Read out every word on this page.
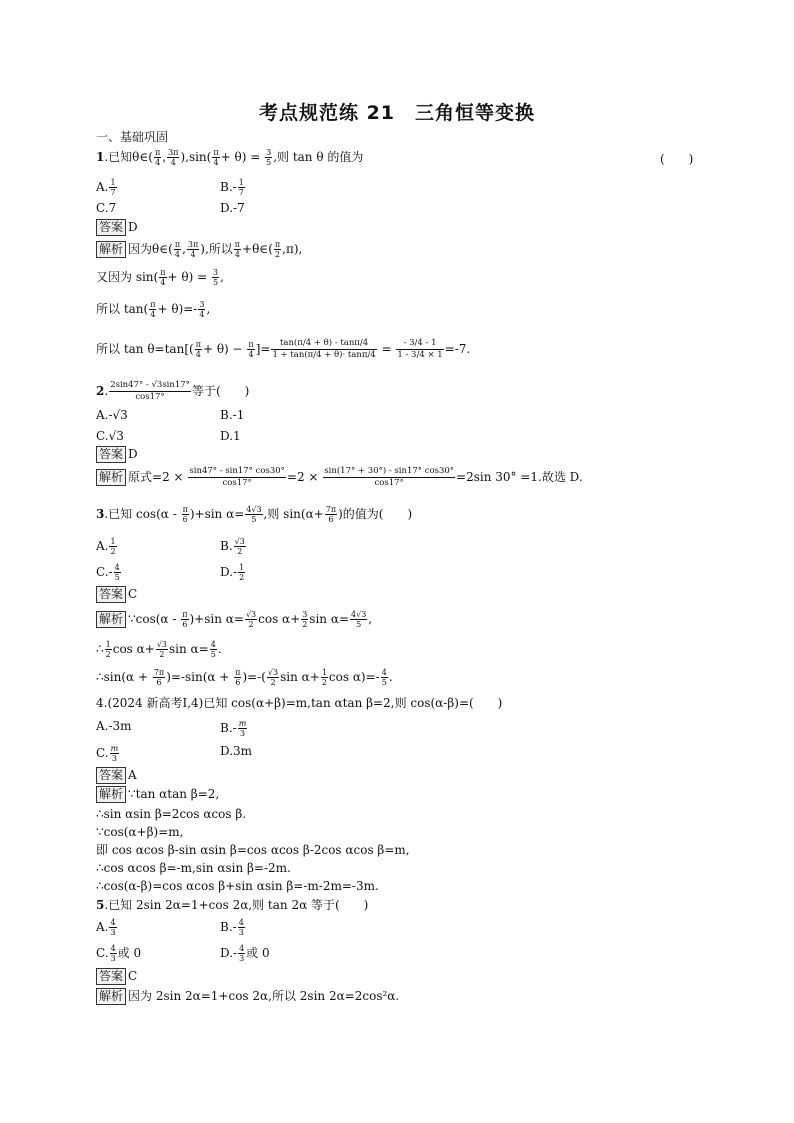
考点规范练 21　三角恒等变换
一、基础巩固
1.已知θ∈( $\frac{\pi}{4}$ , $\frac{3\pi}{4} ),\sin( \frac{\pi}{4} + \theta) = \frac{3}{5}$ ,则 tan θ 的值为	(　　)
A. $\frac{1}{7}$	$B.- \frac{1}{7}$
C.7	D.-7
答案 D
解析 因为θ∈( $\frac{\pi}{4}$ , $\frac{3\pi}{4}$ ),所以 $\frac{\pi}{4}$ +θ∈( $\frac{\pi}{2} ,\pi$),
又因为 $\sin( \frac{\pi}{4} + \theta) = \frac{3}{5}$ ,
所以 $\tan( \frac{\pi}{4} + \theta)=- \frac{3}{4}$ ,
所以 $\tan \theta=\tan[( \frac{\pi}{4} + \theta) - \frac{\pi}{4}$ ]= $\frac{\tan(\pi/4 + \theta) - \tan\pi/4}{1 + \tan(\pi/4 + \theta)\cdot \tan\pi/4} = \frac{- 3/4 - 1}{1 - 3/4 \times 1} =-7$.
2. $\frac{2\sin 47^\circ - √3\sin 17^\circ}{\cos 17^\circ}$ 等于(　　)
A.-√3	B.-1
C.√3	D.1
答案 D
解析 原式$=2 \times \frac{\sin 47^\circ - \sin 17^\circ \cos 30^\circ}{\cos 17^\circ} =2 \times \frac{\sin(17^\circ + 30^\circ) - \sin 17^\circ \cos 30^\circ}{\cos 17^\circ} =2\sin$ 30° =1.故选 D.
3.已知 $\cos(\alpha - \frac{\pi}{6} )+\sin$ $\alpha= \frac{4√3}{5}$ ,则 $\sin(\alpha+ \frac{7\pi}{6}$ )的值为(　　)
A. $\frac{1}{2}$	B. $\frac{√3}{2}$
$C.- \frac{4}{5}$	$D.- \frac{1}{2}$
答案 C
解析 ∵cos(α - $\frac{\pi}{6} )+\sin$ $\alpha= \frac{√3}{2}$ $\cos \alpha+ \frac{3}{2}$ $\sin \alpha= \frac{4√3}{5}$ ,
∴ $\frac{1}{2}$ $\cos \alpha+ \frac{√3}{2}$ $\sin \alpha= \frac{4}{5}$ .
∴sin(α + $\frac{7\pi}{6} )=-\sin(\alpha + \frac{\pi}{6}$ )=-( $\frac{√3}{2}$ $\sin \alpha+ \frac{1}{2}$ $\cos \alpha)=- \frac{4}{5}$ .
4.(2024 新高考Ⅰ,4)已知 cos(α+β)=m,tan αtan β=2,则 cos(α-β)=(　　)
A.-3m	$B.- \frac{m}{3}$
C. $\frac{m}{3}$	D.3m
答案 A
解析 ∵tan αtan β=2,
∴sin αsin β=2cos αcos β.
∵cos(α+β)=m,
即 cos αcos β-sin αsin β=cos αcos β-2cos αcos β=m,
∴cos αcos β=-m,sin αsin β=-2m.
∴cos(α-β)=cos αcos β+sin αsin β=-m-2m=-3m.
5.已知 2sin 2α=1+cos 2α,则 tan 2α 等于(　　)
A. $\frac{4}{3}$	$B.- \frac{4}{3}$
C. $\frac{4}{3}$ 或 0	$D.- \frac{4}{3}$ 或 0
答案 C
解析 因为 2sin 2α=1+cos 2α,所以 2sin 2α=2cos²α.
